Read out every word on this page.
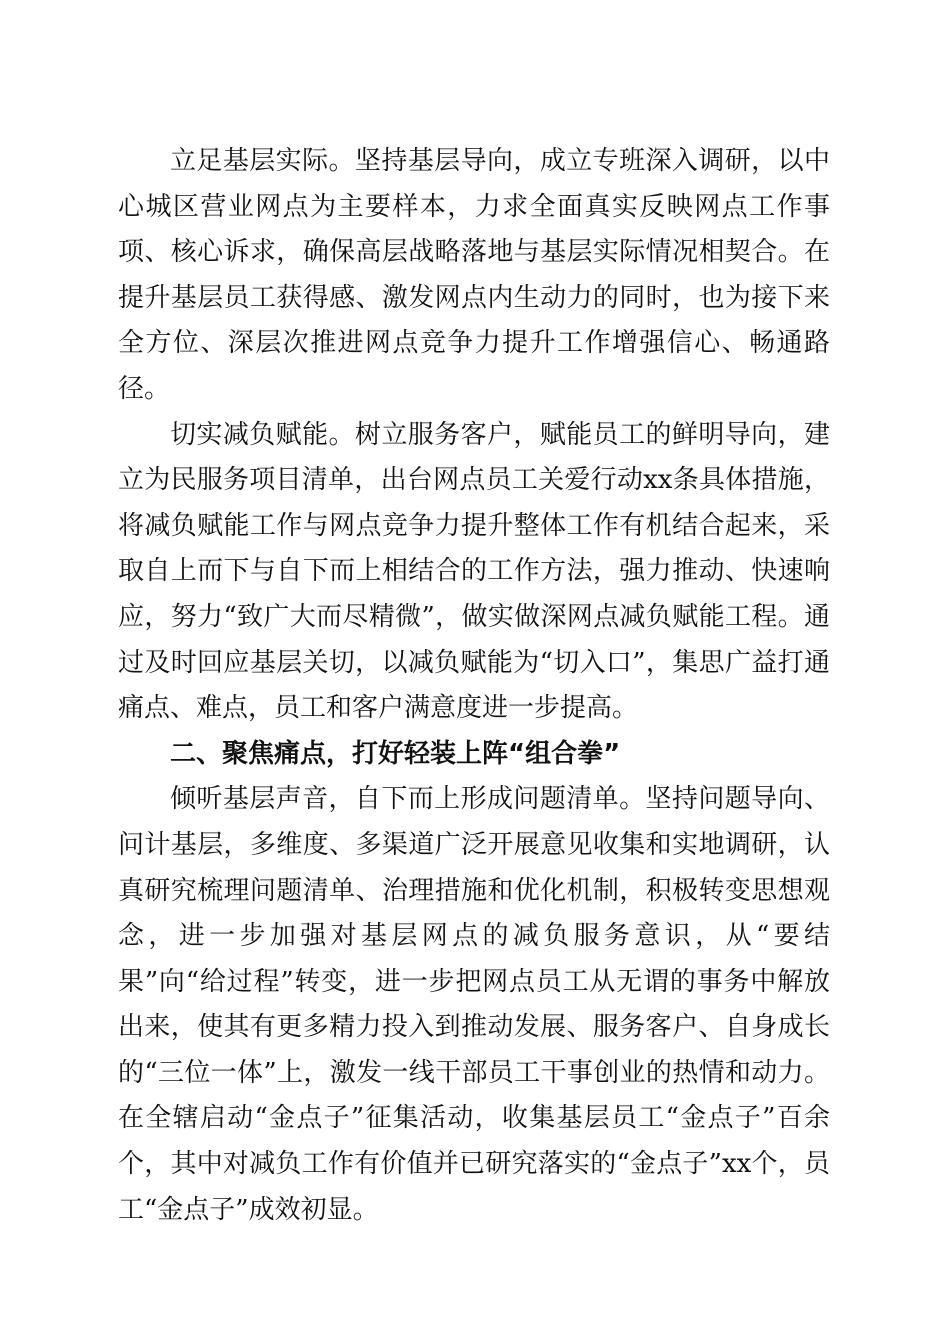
立足基层实际。坚持基层导向，成立专班深入调研，以中心城区营业网点为主要样本，力求全面真实反映网点工作事项、核心诉求，确保高层战略落地与基层实际情况相契合。在提升基层员工获得感、激发网点内生动力的同时，也为接下来全方位、深层次推进网点竞争力提升工作增强信心、畅通路径。

切实减负赋能。树立服务客户，赋能员工的鲜明导向，建立为民服务项目清单，出台网点员工关爱行动xx条具体措施，将减负赋能工作与网点竞争力提升整体工作有机结合起来，采取自上而下与自下而上相结合的工作方法，强力推动、快速响应，努力“致广大而尽精微”，做实做深网点减负赋能工程。通过及时回应基层关切，以减负赋能为“切入口”，集思广益打通痛点、难点，员工和客户满意度进一步提高。

二、聚焦痛点，打好轻装上阵“组合拳”

倾听基层声音，自下而上形成问题清单。坚持问题导向、问计基层，多维度、多渠道广泛开展意见收集和实地调研，认真研究梳理问题清单、治理措施和优化机制，积极转变思想观念，进一步加强对基层网点的减负服务意识，从“要结果”向“给过程”转变，进一步把网点员工从无谓的事务中解放出来，使其有更多精力投入到推动发展、服务客户、自身成长的“三位一体”上，激发一线干部员工干事创业的热情和动力。在全辖启动“金点子”征集活动，收集基层员工“金点子”百余个，其中对减负工作有价值并已研究落实的“金点子”xx个，员工“金点子”成效初显。
